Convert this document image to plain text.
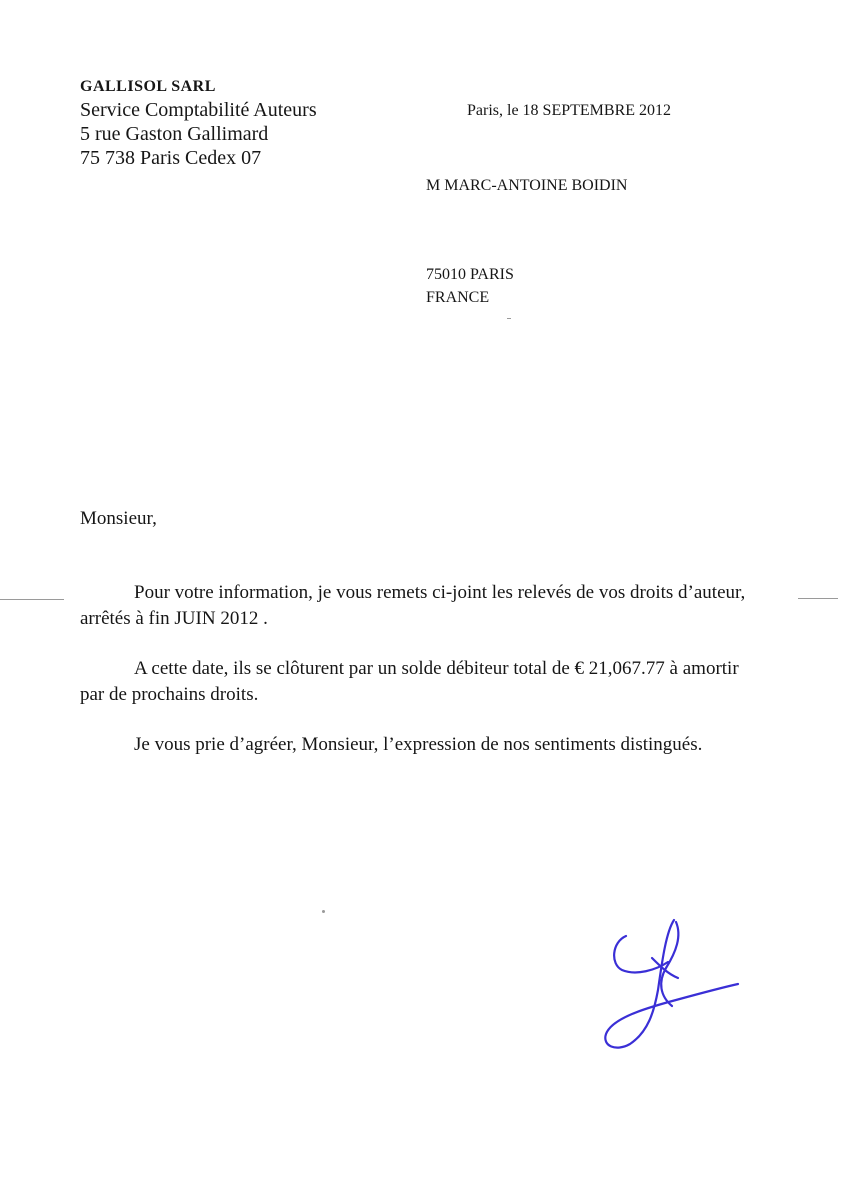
GALLISOL SARL
Service Comptabilité Auteurs
5 rue Gaston Gallimard
75 738 Paris Cedex 07
Paris, le 18 SEPTEMBRE 2012
M MARC-ANTOINE BOIDIN
75010 PARIS
FRANCE
Monsieur,

Pour votre information, je vous remets ci-joint les relevés de vos droits d’auteur, arrêtés à fin JUIN 2012 .

A cette date, ils se clôturent par un solde débiteur total de € 21,067.77 à amortir par de prochains droits.

Je vous prie d’agréer, Monsieur, l’expression de nos sentiments distingués.
